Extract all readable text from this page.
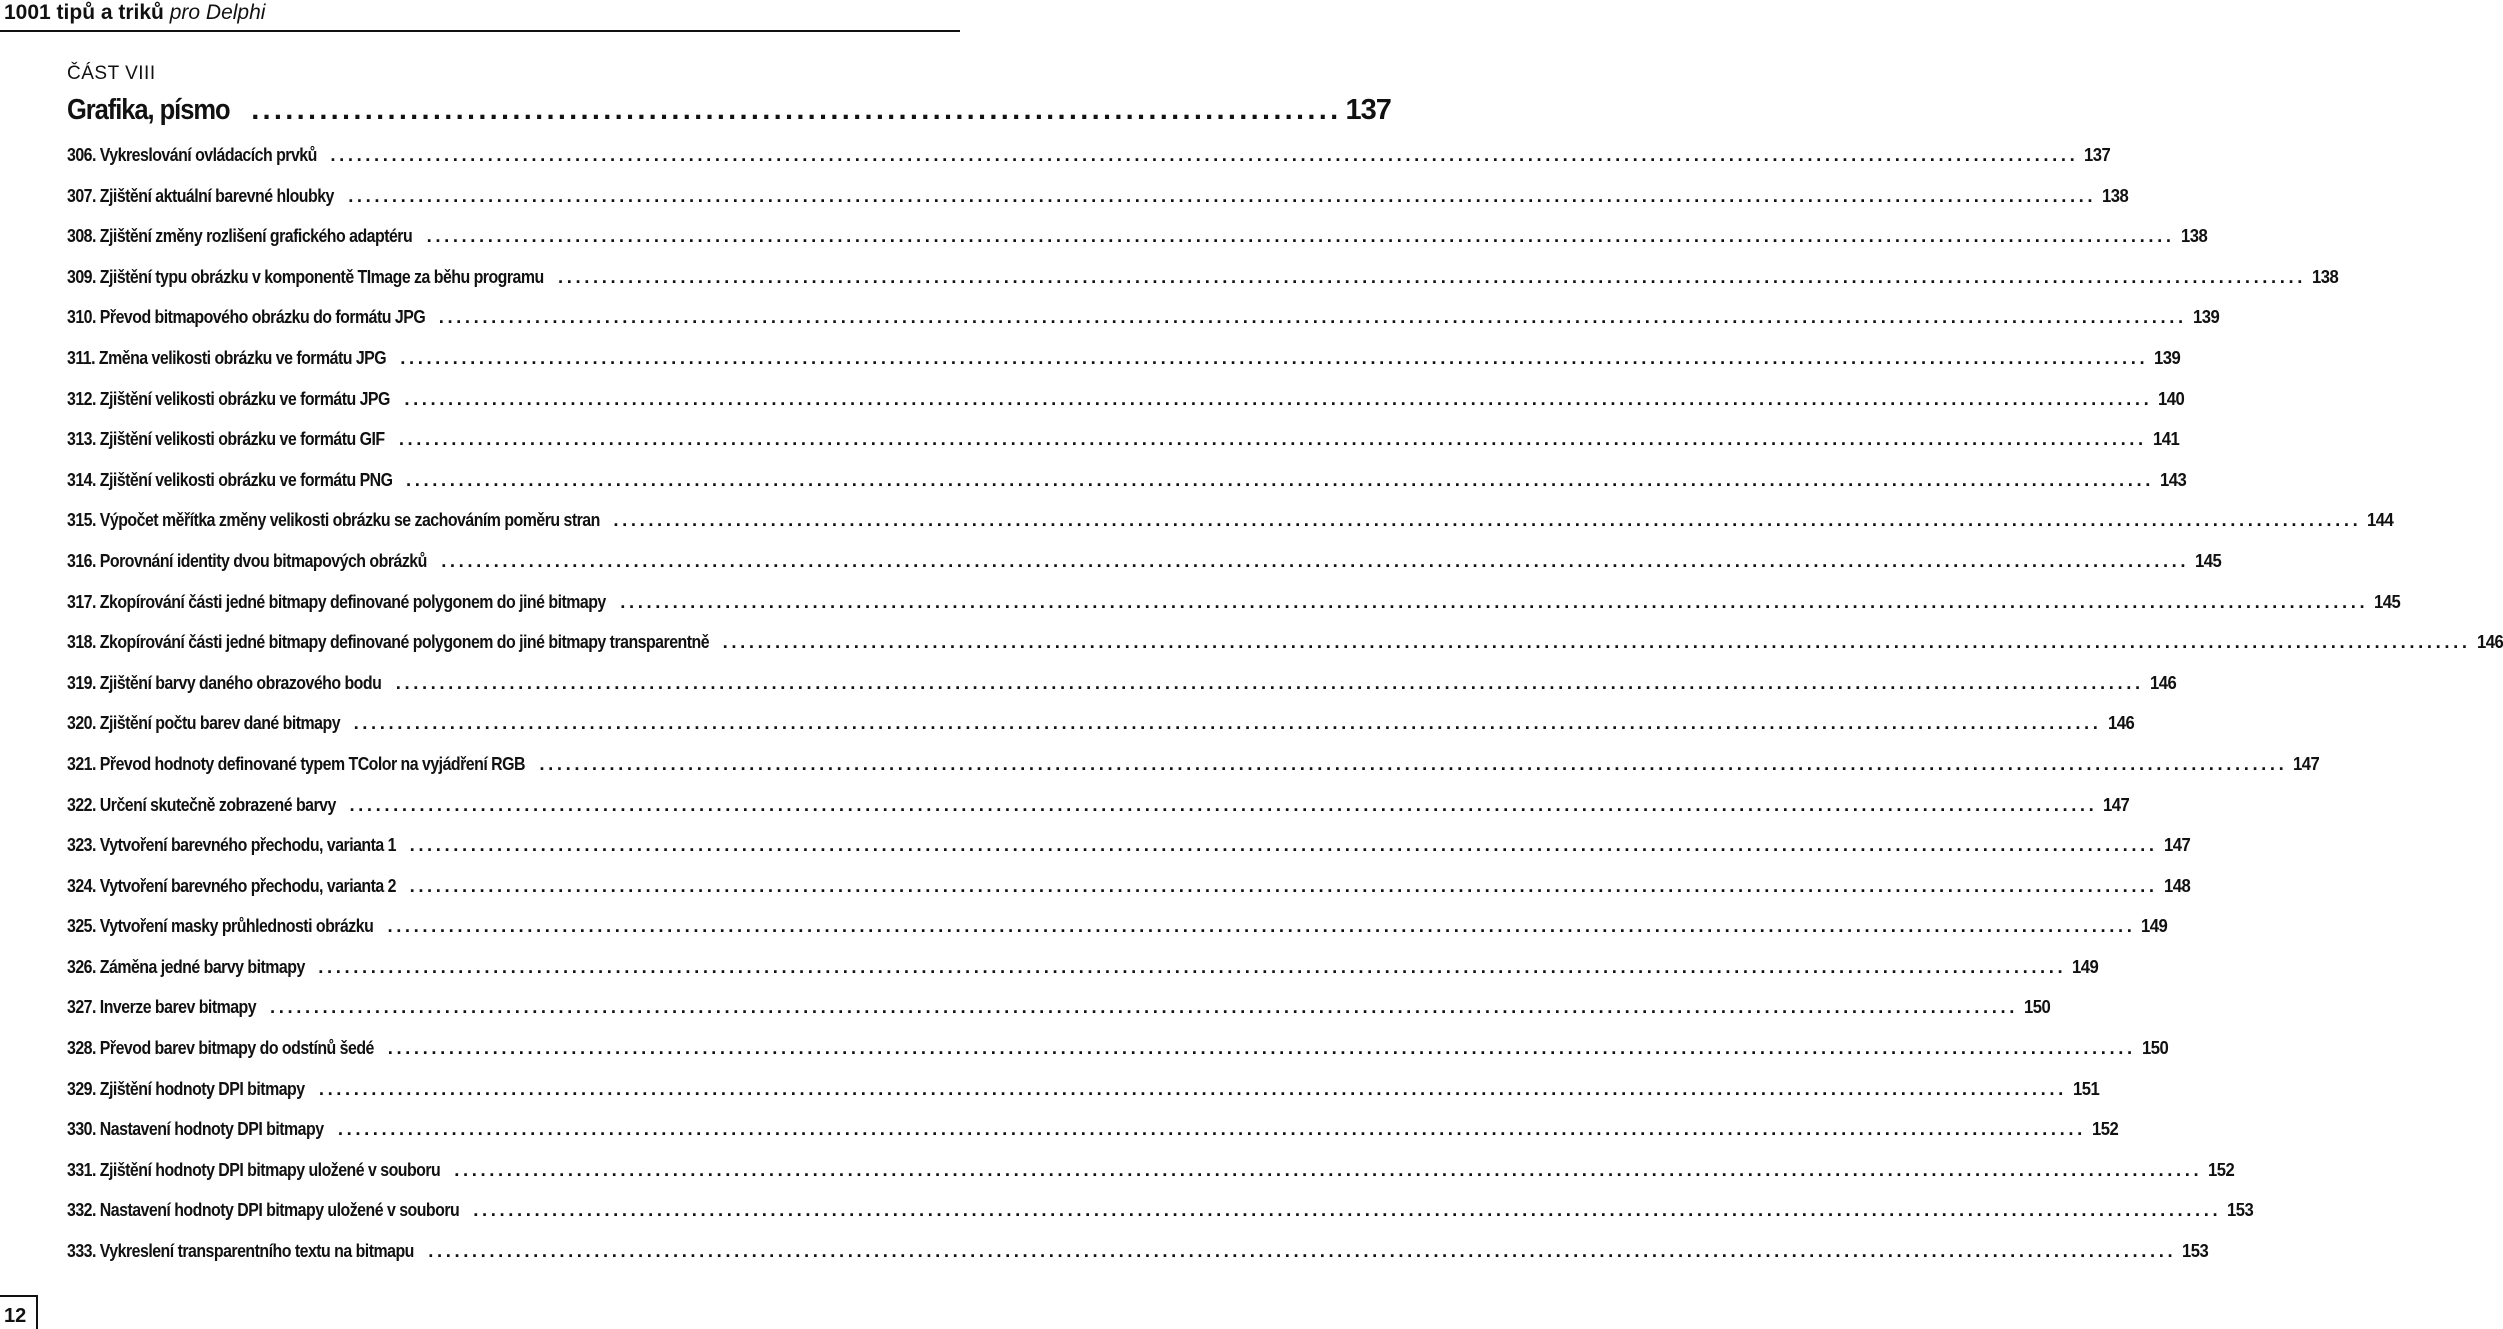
1001 tipů a triků pro Delphi
ČÁST VIII
Grafika, písmo ................................................................................................ 137
306. Vykreslování ovládacích prvků ........................................................................................................................................................................................................ 137
307. Zjištění aktuální barevné hloubky ........................................................................................................................................................................................................ 138
308. Zjištění změny rozlišení grafického adaptéru ........................................................................................................................................................................................................ 138
309. Zjištění typu obrázku v komponentě TImage za běhu programu ........................................................................................................................................................................................................ 138
310. Převod bitmapového obrázku do formátu JPG ........................................................................................................................................................................................................ 139
311. Změna velikosti obrázku ve formátu JPG ........................................................................................................................................................................................................ 139
312. Zjištění velikosti obrázku ve formátu JPG ........................................................................................................................................................................................................ 140
313. Zjištění velikosti obrázku ve formátu GIF ........................................................................................................................................................................................................ 141
314. Zjištění velikosti obrázku ve formátu PNG ........................................................................................................................................................................................................ 143
315. Výpočet měřítka změny velikosti obrázku se zachováním poměru stran ........................................................................................................................................................................................................ 144
316. Porovnání identity dvou bitmapových obrázků ........................................................................................................................................................................................................ 145
317. Zkopírování části jedné bitmapy definované polygonem do jiné bitmapy ........................................................................................................................................................................................................ 145
318. Zkopírování části jedné bitmapy definované polygonem do jiné bitmapy transparentně ........................................................................................................................................................................................................ 146
319. Zjištění barvy daného obrazového bodu ........................................................................................................................................................................................................ 146
320. Zjištění počtu barev dané bitmapy ........................................................................................................................................................................................................ 146
321. Převod hodnoty definované typem TColor na vyjádření RGB ........................................................................................................................................................................................................ 147
322. Určení skutečně zobrazené barvy ........................................................................................................................................................................................................ 147
323. Vytvoření barevného přechodu, varianta 1 ........................................................................................................................................................................................................ 147
324. Vytvoření barevného přechodu, varianta 2 ........................................................................................................................................................................................................ 148
325. Vytvoření masky průhlednosti obrázku ........................................................................................................................................................................................................ 149
326. Záměna jedné barvy bitmapy ........................................................................................................................................................................................................ 149
327. Inverze barev bitmapy ........................................................................................................................................................................................................ 150
328. Převod barev bitmapy do odstínů šedé ........................................................................................................................................................................................................ 150
329. Zjištění hodnoty DPI bitmapy ........................................................................................................................................................................................................ 151
330. Nastavení hodnoty DPI bitmapy ........................................................................................................................................................................................................ 152
331. Zjištění hodnoty DPI bitmapy uložené v souboru ........................................................................................................................................................................................................ 152
332. Nastavení hodnoty DPI bitmapy uložené v souboru ........................................................................................................................................................................................................ 153
333. Vykreslení transparentního textu na bitmapu ........................................................................................................................................................................................................ 153
12
